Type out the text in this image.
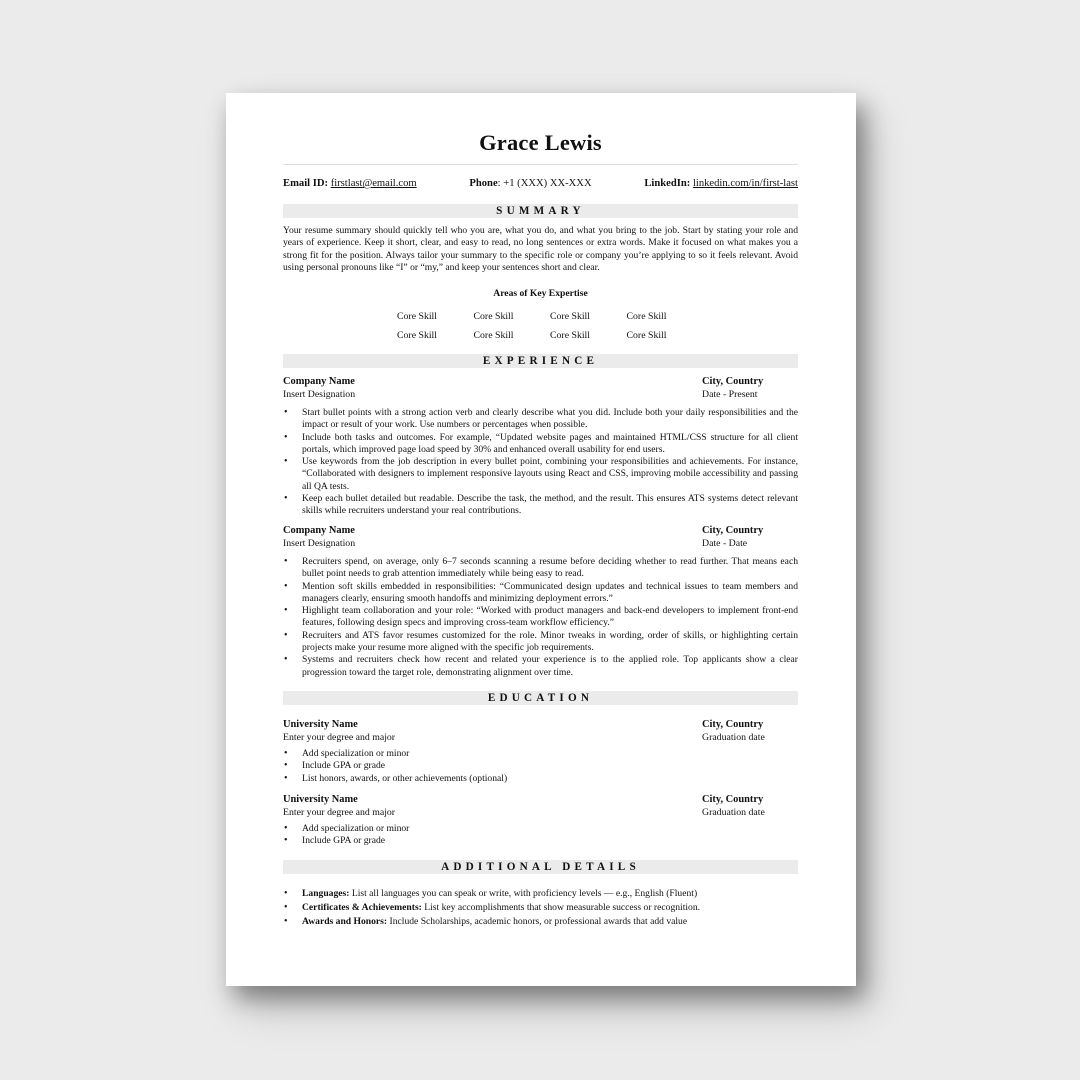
Grace Lewis
Email ID: firstlast@email.com	Phone: +1 (XXX) XX-XXX	LinkedIn: linkedin.com/in/first-last
SUMMARY
Your resume summary should quickly tell who you are, what you do, and what you bring to the job. Start by stating your role and years of experience. Keep it short, clear, and easy to read, no long sentences or extra words. Make it focused on what makes you a strong fit for the position. Always tailor your summary to the specific role or company you’re applying to so it feels relevant. Avoid using personal pronouns like “I” or “my,” and keep your sentences short and clear.
Areas of Key Expertise
Core Skill	Core Skill	Core Skill	Core Skill
Core Skill	Core Skill	Core Skill	Core Skill
EXPERIENCE
Company Name	City, Country
Insert Designation	Date - Present
• Start bullet points with a strong action verb and clearly describe what you did. Include both your daily responsibilities and the impact or result of your work. Use numbers or percentages when possible.
• Include both tasks and outcomes. For example, “Updated website pages and maintained HTML/CSS structure for all client portals, which improved page load speed by 30% and enhanced overall usability for end users.
• Use keywords from the job description in every bullet point, combining your responsibilities and achievements. For instance, “Collaborated with designers to implement responsive layouts using React and CSS, improving mobile accessibility and passing all QA tests.
• Keep each bullet detailed but readable. Describe the task, the method, and the result. This ensures ATS systems detect relevant skills while recruiters understand your real contributions.
Company Name	City, Country
Insert Designation	Date - Date
• Recruiters spend, on average, only 6–7 seconds scanning a resume before deciding whether to read further. That means each bullet point needs to grab attention immediately while being easy to read.
• Mention soft skills embedded in responsibilities: “Communicated design updates and technical issues to team members and managers clearly, ensuring smooth handoffs and minimizing deployment errors.”
• Highlight team collaboration and your role: “Worked with product managers and back-end developers to implement front-end features, following design specs and improving cross-team workflow efficiency.”
• Recruiters and ATS favor resumes customized for the role. Minor tweaks in wording, order of skills, or highlighting certain projects make your resume more aligned with the specific job requirements.
• Systems and recruiters check how recent and related your experience is to the applied role. Top applicants show a clear progression toward the target role, demonstrating alignment over time.
EDUCATION
University Name	City, Country
Enter your degree and major	Graduation date
• Add specialization or minor
• Include GPA or grade
• List honors, awards, or other achievements (optional)
University Name	City, Country
Enter your degree and major	Graduation date
• Add specialization or minor
• Include GPA or grade
ADDITIONAL DETAILS
• Languages: List all languages you can speak or write, with proficiency levels — e.g., English (Fluent)
• Certificates & Achievements: List key accomplishments that show measurable success or recognition.
• Awards and Honors: Include Scholarships, academic honors, or professional awards that add value
